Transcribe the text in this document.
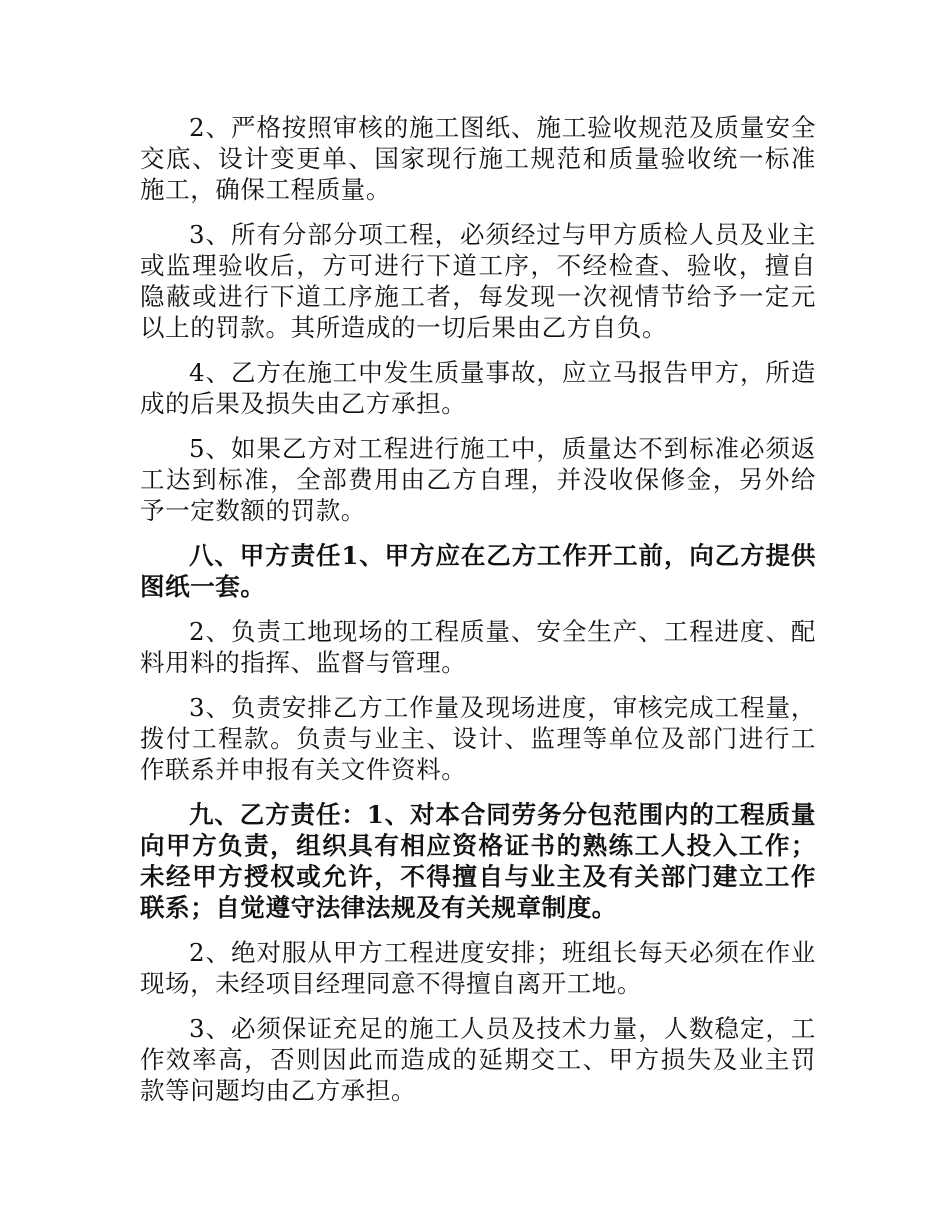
2、严格按照审核的施工图纸、施工验收规范及质量安全交底、设计变更单、国家现行施工规范和质量验收统一标准施工，确保工程质量。

3、所有分部分项工程，必须经过与甲方质检人员及业主或监理验收后，方可进行下道工序，不经检查、验收，擅自隐蔽或进行下道工序施工者，每发现一次视情节给予一定元以上的罚款。其所造成的一切后果由乙方自负。

4、乙方在施工中发生质量事故，应立马报告甲方，所造成的后果及损失由乙方承担。

5、如果乙方对工程进行施工中，质量达不到标准必须返工达到标准，全部费用由乙方自理，并没收保修金，另外给予一定数额的罚款。

八、甲方责任1、甲方应在乙方工作开工前，向乙方提供图纸一套。

2、负责工地现场的工程质量、安全生产、工程进度、配料用料的指挥、监督与管理。

3、负责安排乙方工作量及现场进度，审核完成工程量，拨付工程款。负责与业主、设计、监理等单位及部门进行工作联系并申报有关文件资料。

九、乙方责任：1、对本合同劳务分包范围内的工程质量向甲方负责，组织具有相应资格证书的熟练工人投入工作；未经甲方授权或允许，不得擅自与业主及有关部门建立工作联系；自觉遵守法律法规及有关规章制度。

2、绝对服从甲方工程进度安排；班组长每天必须在作业现场，未经项目经理同意不得擅自离开工地。

3、必须保证充足的施工人员及技术力量，人数稳定，工作效率高，否则因此而造成的延期交工、甲方损失及业主罚款等问题均由乙方承担。
